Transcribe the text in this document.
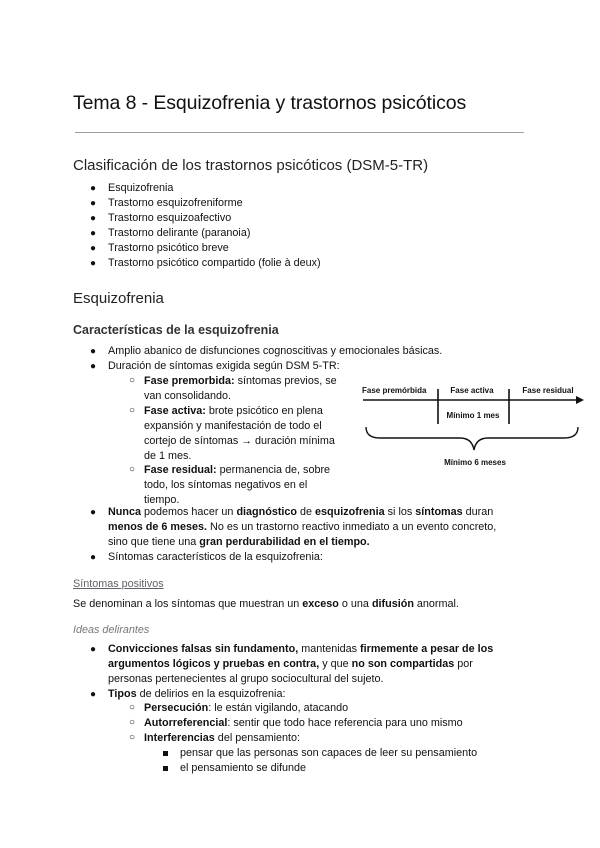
Tema 8 - Esquizofrenia y trastornos psicóticos
Clasificación de los trastornos psicóticos (DSM-5-TR)
● Esquizofrenia
● Trastorno esquizofreniforme
● Trastorno esquizoafectivo
● Trastorno delirante (paranoia)
● Trastorno psicótico breve
● Trastorno psicótico compartido (folie à deux)
Esquizofrenia
Características de la esquizofrenia
● Amplio abanico de disfunciones cognoscitivas y emocionales básicas.
● Duración de síntomas exigida según DSM 5-TR:
○ Fase premorbida: síntomas previos, se
van consolidando.
○ Fase activa: brote psicótico en plena
expansión y manifestación de todo el
cortejo de síntomas → duración mínima
de 1 mes.
○ Fase residual: permanencia de, sobre
todo, los síntomas negativos en el
tiempo.
Fase premórbida	Fase activa	Fase residual
Mínimo 1 mes
Mínimo 6 meses
● Nunca podemos hacer un diagnóstico de esquizofrenia si los síntomas duran
menos de 6 meses. No es un trastorno reactivo inmediato a un evento concreto,
sino que tiene una gran perdurabilidad en el tiempo.
● Síntomas característicos de la esquizofrenia:
Síntomas positivos
Se denominan a los síntomas que muestran un exceso o una difusión anormal.
Ideas delirantes
● Convicciones falsas sin fundamento, mantenidas firmemente a pesar de los
argumentos lógicos y pruebas en contra, y que no son compartidas por
personas pertenecientes al grupo sociocultural del sujeto.
● Tipos de delirios en la esquizofrenia:
○ Persecución: le están vigilando, atacando
○ Autorreferencial: sentir que todo hace referencia para uno mismo
○ Interferencias del pensamiento:
pensar que las personas son capaces de leer su pensamiento
el pensamiento se difunde
